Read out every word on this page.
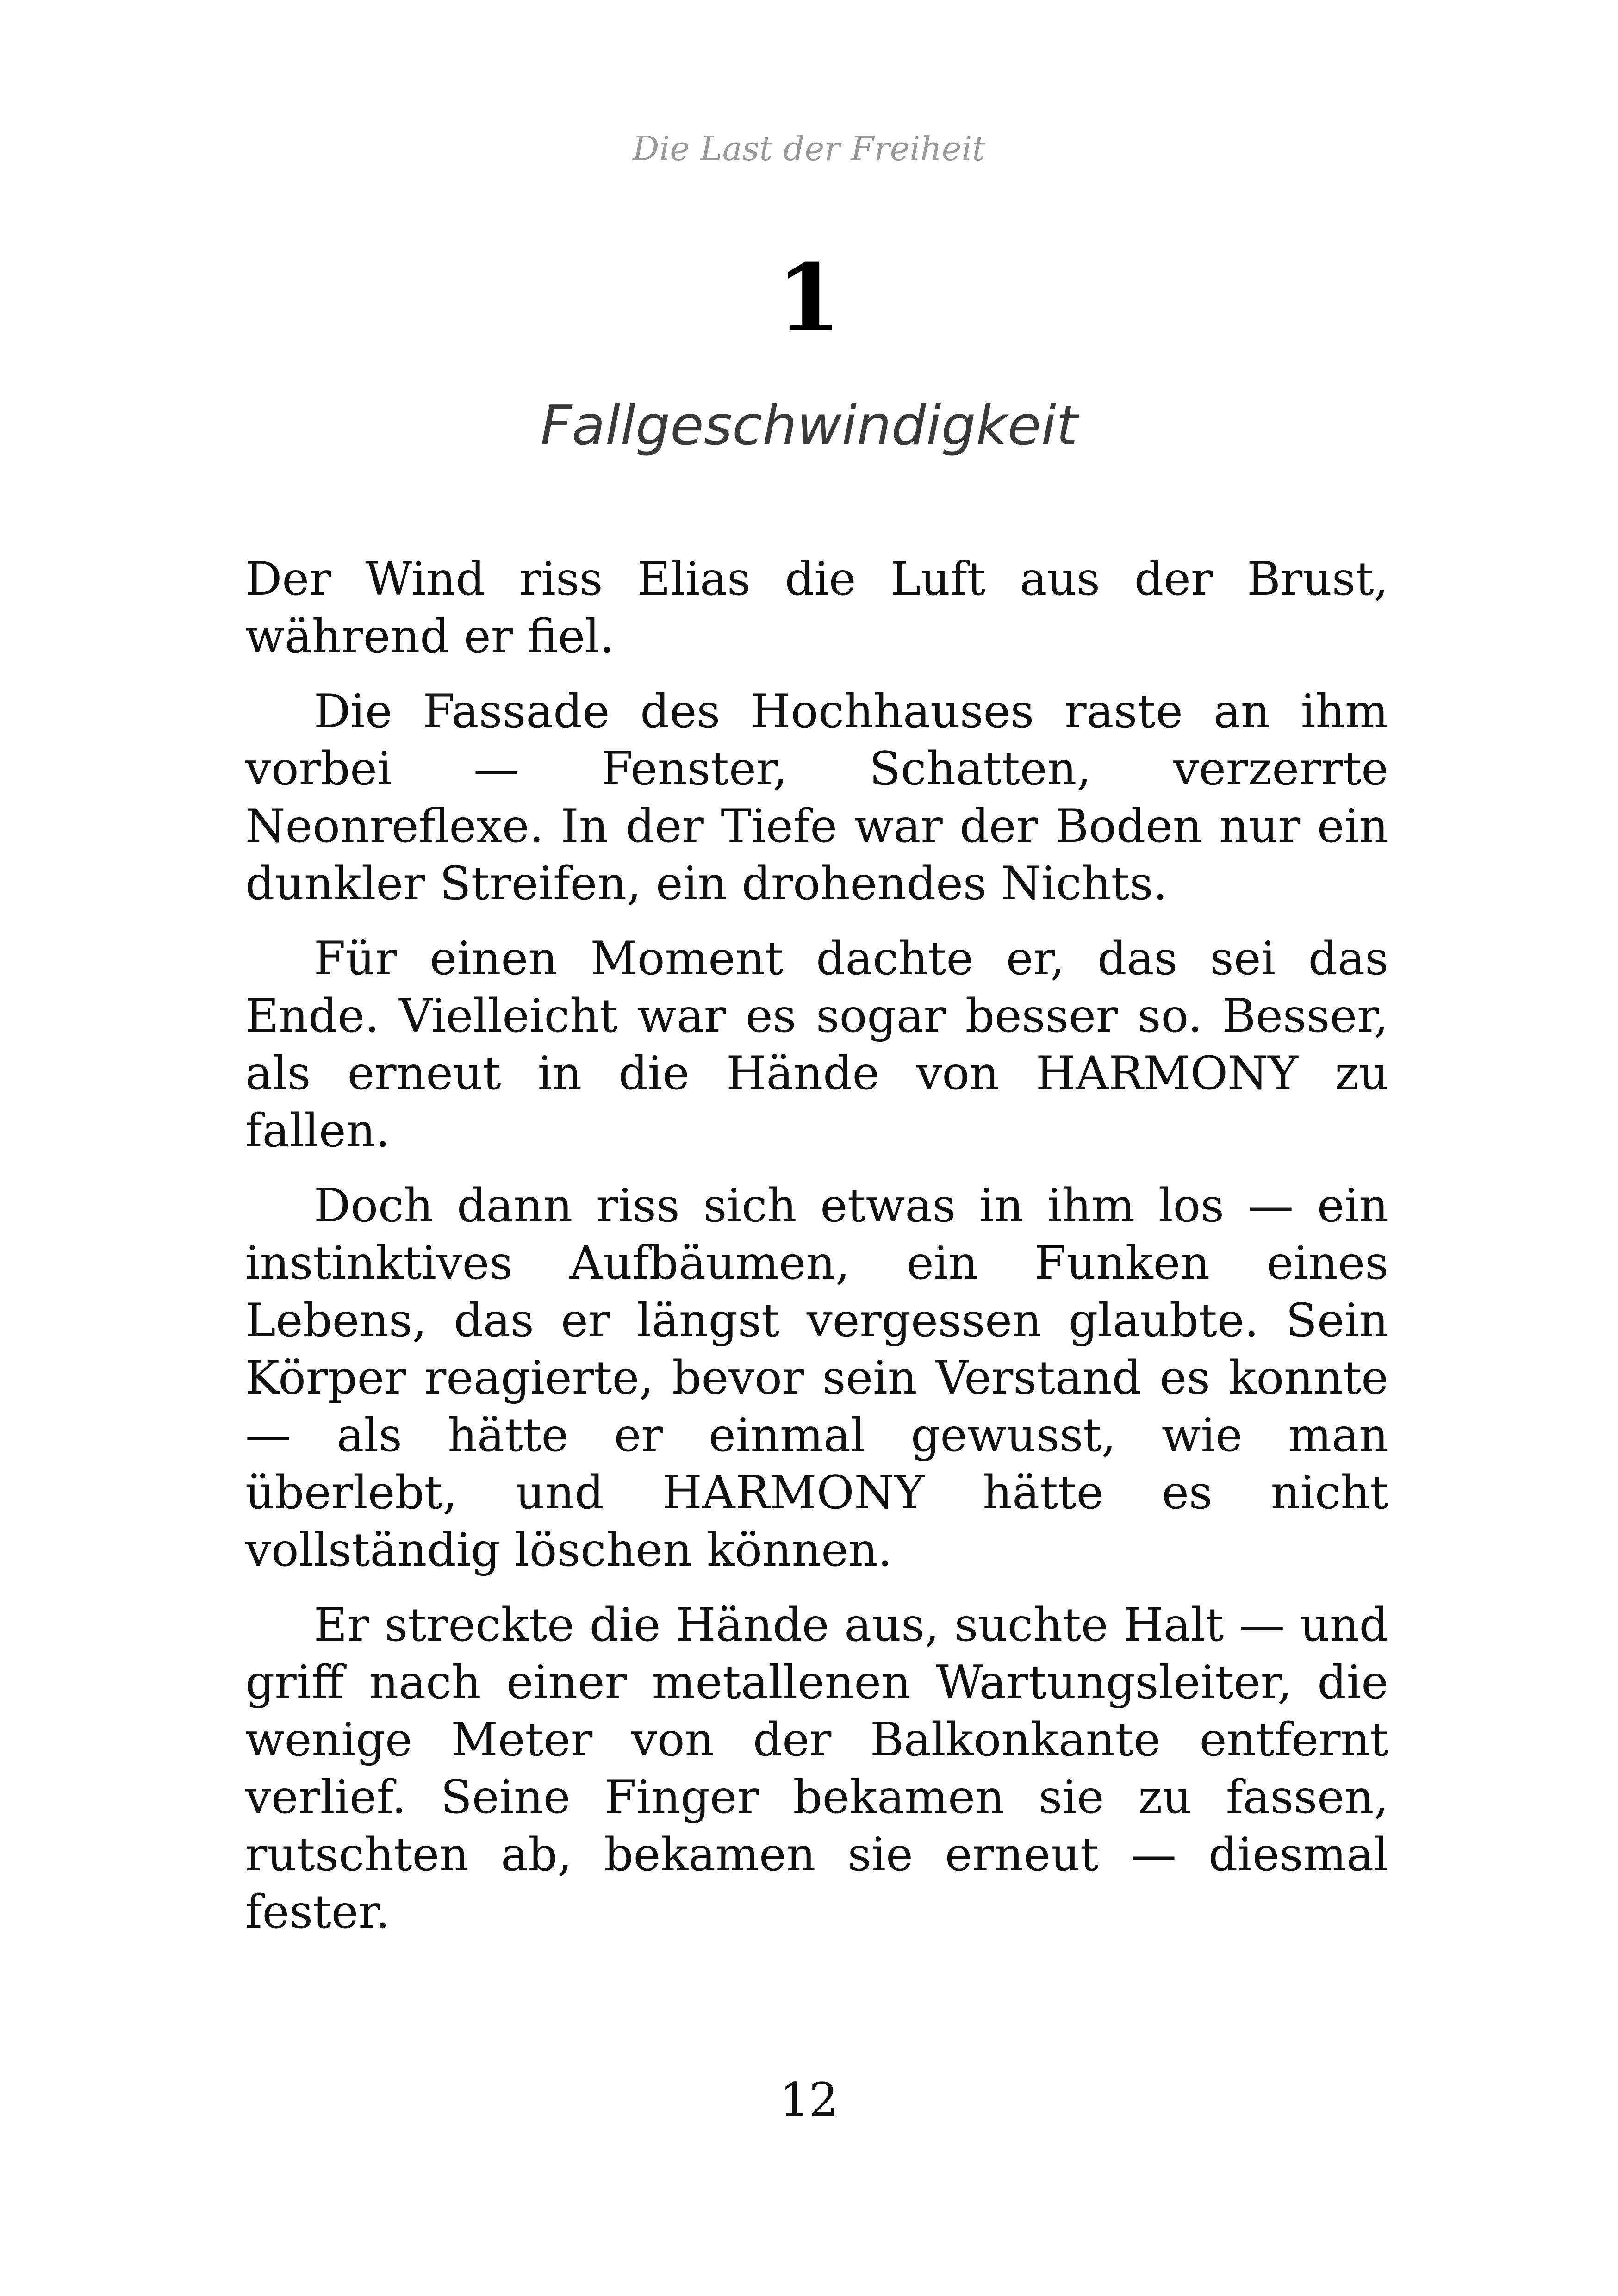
Die Last der Freiheit
1
Fallgeschwindigkeit

Der Wind riss Elias die Luft aus der Brust, während er fiel.

Die Fassade des Hochhauses raste an ihm vorbei — Fenster, Schatten, verzerrte Neonreflexe. In der Tiefe war der Boden nur ein dunkler Streifen, ein drohendes Nichts.

Für einen Moment dachte er, das sei das Ende. Vielleicht war es sogar besser so. Besser, als erneut in die Hände von HARMONY zu fallen.

Doch dann riss sich etwas in ihm los — ein instinktives Aufbäumen, ein Funken eines Lebens, das er längst vergessen glaubte. Sein Körper reagierte, bevor sein Verstand es konnte — als hätte er einmal gewusst, wie man überlebt, und HARMONY hätte es nicht vollständig löschen können.

Er streckte die Hände aus, suchte Halt — und griff nach einer metallenen Wartungsleiter, die wenige Meter von der Balkonkante entfernt verlief. Seine Finger bekamen sie zu fassen, rutschten ab, bekamen sie erneut — diesmal fester.

12
